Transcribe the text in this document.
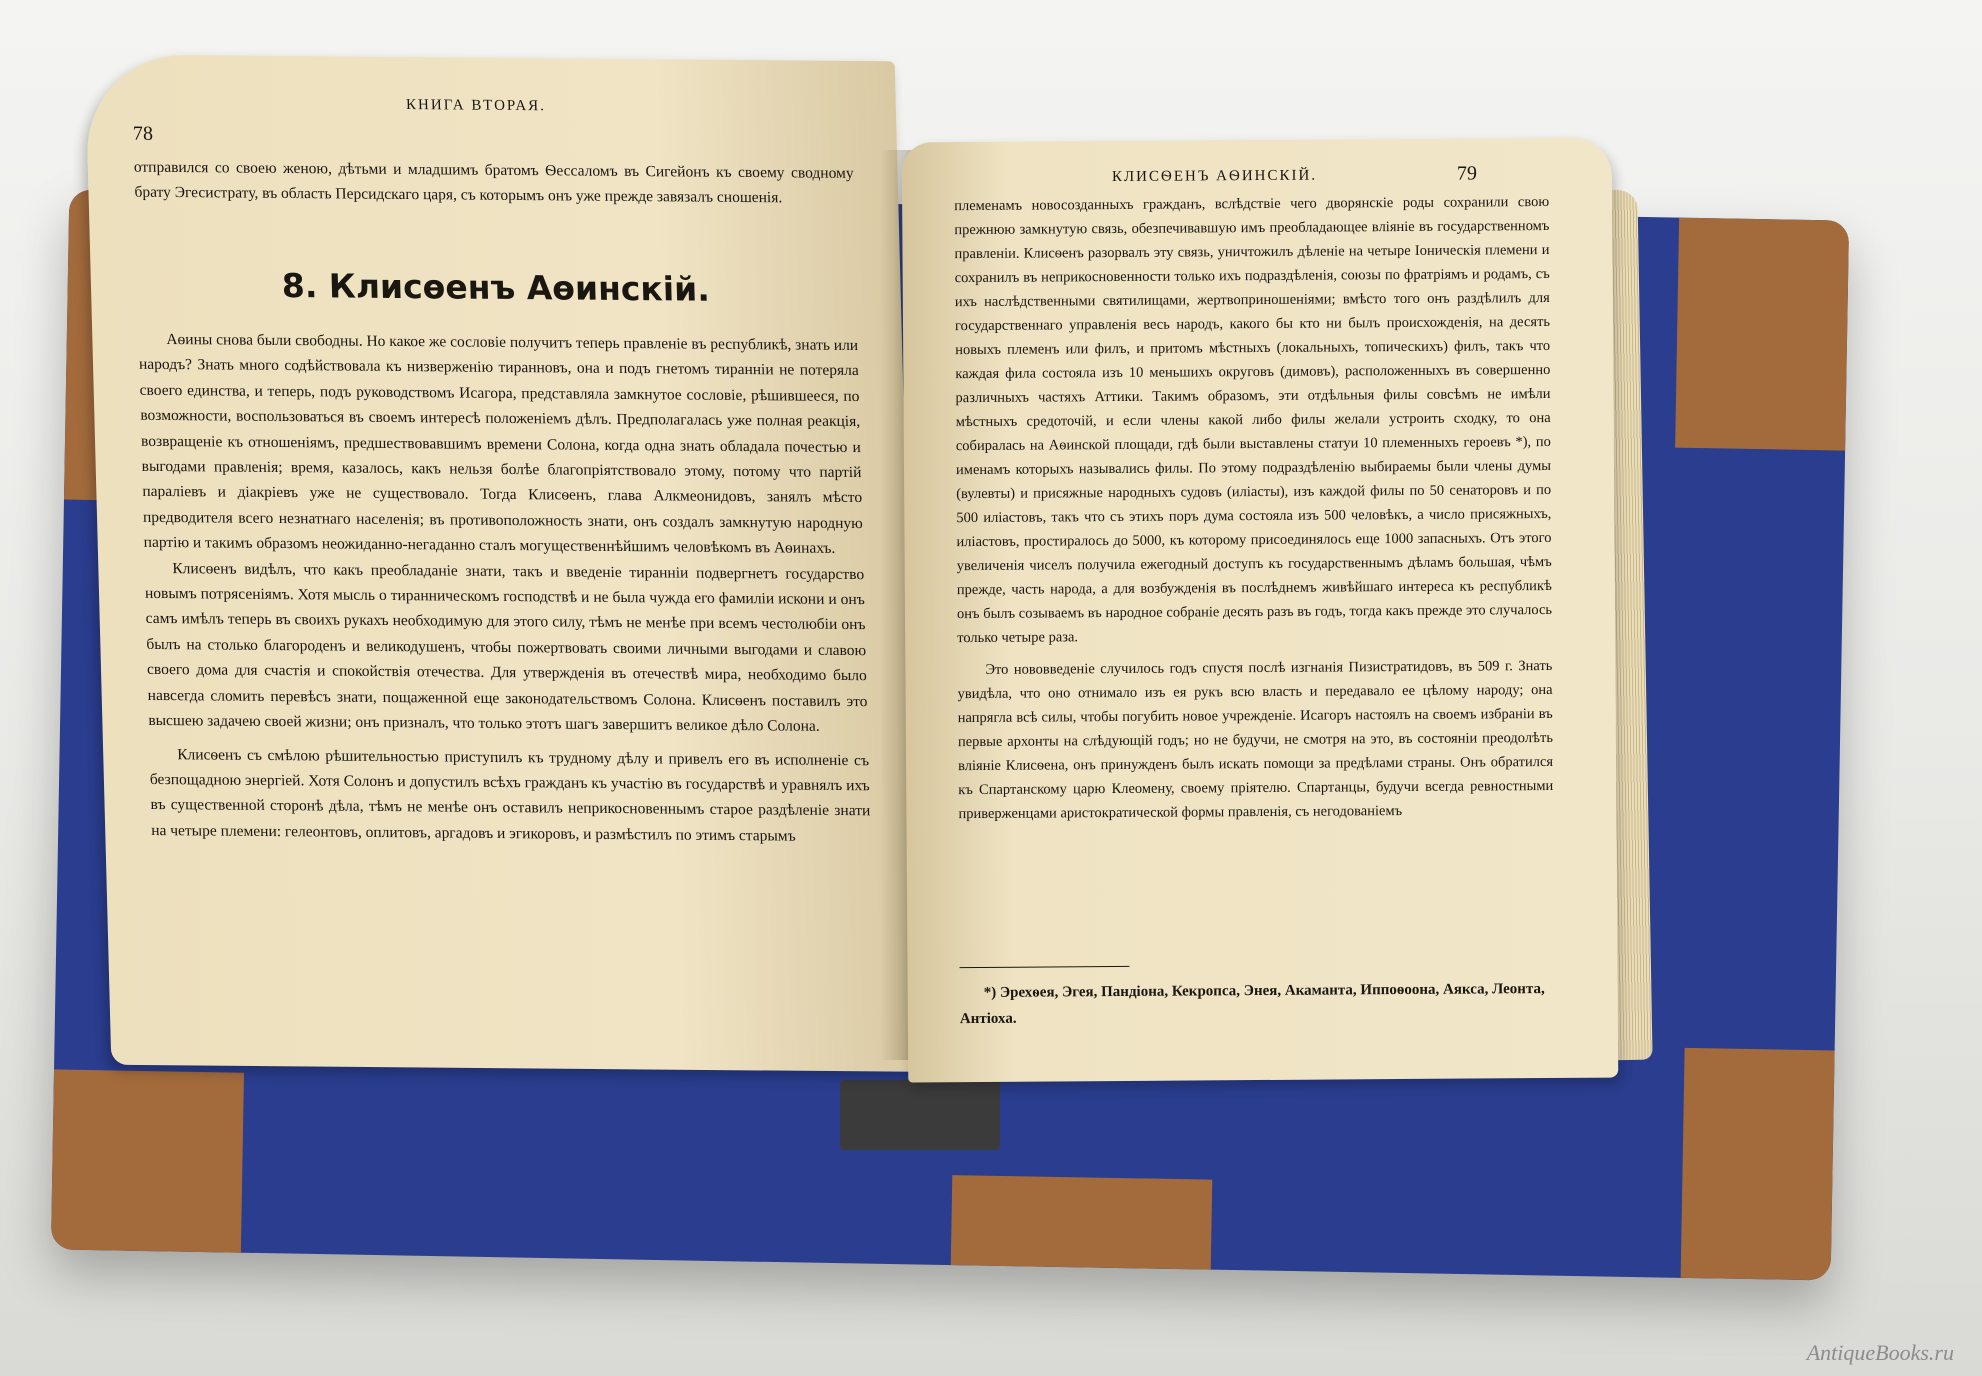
КНИГА ВТОРАЯ.
78

отправился со своею женою, дѣтьми и младшимъ братомъ Ѳессаломъ въ Сигейонъ къ своему сводному брату Эгесистрату, въ область Персидскаго царя, съ которымъ онъ уже прежде завязалъ сношенія.

8. Клисѳенъ Аѳинскій.

Аѳины снова были свободны. Но какое же сословіе получитъ теперь правленіе въ республикѣ, знать или народъ? Знать много содѣйствовала къ низверженію тиранновъ, она и подъ гнетомъ тиранніи не потеряла своего единства, и теперь, подъ руководствомъ Исагора, представляла замкнутое сословіе, рѣшившееся, по возможности, воспользоваться въ своемъ интересѣ положеніемъ дѣлъ. Предполагалась уже полная реакція, возвращеніе къ отношеніямъ, предшествовавшимъ времени Солона, когда одна знать обладала почестью и выгодами правленія; время, казалось, какъ нельзя болѣе благопріятствовало этому, потому что партій паралiевъ и діакріевъ уже не существовало. Тогда Клисѳенъ, глава Алкмеонидовъ, занялъ мѣсто предводителя всего незнатнаго населенія; въ противоположность знати, онъ создалъ замкнутую народную партію и такимъ образомъ неожиданно-негаданно сталъ могущественнѣйшимъ человѣкомъ въ Аѳинахъ.

Клисѳенъ видѣлъ, что какъ преобладаніе знати, такъ и введеніе тиранніи подвергнетъ государство новымъ потрясеніямъ. Хотя мысль о тиранническомъ господствѣ и не была чужда его фамиліи искони и онъ самъ имѣлъ теперь въ своихъ рукахъ необходимую для этого силу, тѣмъ не менѣе при всемъ честолюбіи онъ былъ на столько благороденъ и великодушенъ, чтобы пожертвовать своими личными выгодами и славою своего дома для счастія и спокойствія отечества. Для утвержденія въ отечествѣ мира, необходимо было навсегда сломить перевѣсъ знати, пощаженной еще законодательствомъ Солона. Клисѳенъ поставилъ это высшею задачею своей жизни; онъ призналъ, что только этотъ шагъ завершитъ великое дѣло Солона.

Клисѳенъ съ смѣлою рѣшительностью приступилъ къ трудному дѣлу и привелъ его въ исполненіе съ безпощадною энергіей. Хотя Солонъ и допустилъ всѣхъ гражданъ къ участію въ государствѣ и уравнялъ ихъ въ существенной сторонѣ дѣла, тѣмъ не менѣе онъ оставилъ неприкосновеннымъ старое раздѣленіе знати на четыре племени: гелеонтовъ, оплитовъ, аргадовъ и эгикоровъ, и размѣстилъ по этимъ старымъ

КЛИСѲЕНЪ АѲИНСКІЙ.	79

племенамъ новосозданныхъ гражданъ, вслѣдствіе чего дворянскіе роды сохранили свою прежнюю замкнутую связь, обезпечивавшую имъ преобладающее вліяніе въ государственномъ правленіи. Клисѳенъ разорвалъ эту связь, уничтожилъ дѣленіе на четыре Іоническія племени и сохранилъ въ неприкосновенности только ихъ подраздѣленія, союзы по фратріямъ и родамъ, съ ихъ наслѣдственными святилищами, жертвоприношеніями; вмѣсто того онъ раздѣлилъ для государственнаго управленія весь народъ, какого бы кто ни былъ происхожденія, на десять новыхъ племенъ или филъ, и притомъ мѣстныхъ (локальныхъ, топическихъ) филъ, такъ что каждая фила состояла изъ 10 меньшихъ округовъ (димовъ), расположенныхъ въ совершенно различныхъ частяхъ Аттики. Такимъ образомъ, эти отдѣльныя филы совсѣмъ не имѣли мѣстныхъ средоточій, и если члены какой либо филы желали устроить сходку, то она собиралась на Аѳинской площади, гдѣ были выставлены статуи 10 племенныхъ героевъ *), по именамъ которыхъ назывались филы. По этому подраздѣленію выбираемы были члены думы (вулевты) и присяжные народныхъ судовъ (иліасты), изъ каждой филы по 50 сенаторовъ и по 500 иліастовъ, такъ что съ этихъ поръ дума состояла изъ 500 человѣкъ, а число присяжныхъ, иліастовъ, простиралось до 5000, къ которому присоединялось еще 1000 запасныхъ. Отъ этого увеличенія чиселъ получила ежегодный доступъ къ государственнымъ дѣламъ большая, чѣмъ прежде, часть народа, а для возбужденія въ послѣднемъ живѣйшаго интереса къ республикѣ онъ былъ созываемъ въ народное собраніе десять разъ въ годъ, тогда какъ прежде это случалось только четыре раза.

Это нововведеніе случилось годъ спустя послѣ изгнанія Пизистратидовъ, въ 509 г. Знать увидѣла, что оно отнимало изъ ея рукъ всю власть и передавало ее цѣлому народу; она напрягла всѣ силы, чтобы погубить новое учрежденіе. Исагоръ настоялъ на своемъ избраніи въ первые архонты на слѣдующій годъ; но не будучи, не смотря на это, въ состояніи преодолѣть вліяніе Клисѳена, онъ принужденъ былъ искать помощи за предѣлами страны. Онъ обратился къ Спартанскому царю Клеомену, своему пріятелю. Спартанцы, будучи всегда ревностными приверженцами аристократической формы правленія, съ негодованіемъ

*) Эрехѳея, Эгея, Пандіона, Кекропса, Энея, Акаманта, Иппоѳоона, Аякса, Леонта, Антіоха.
AntiqueBooks.ru
